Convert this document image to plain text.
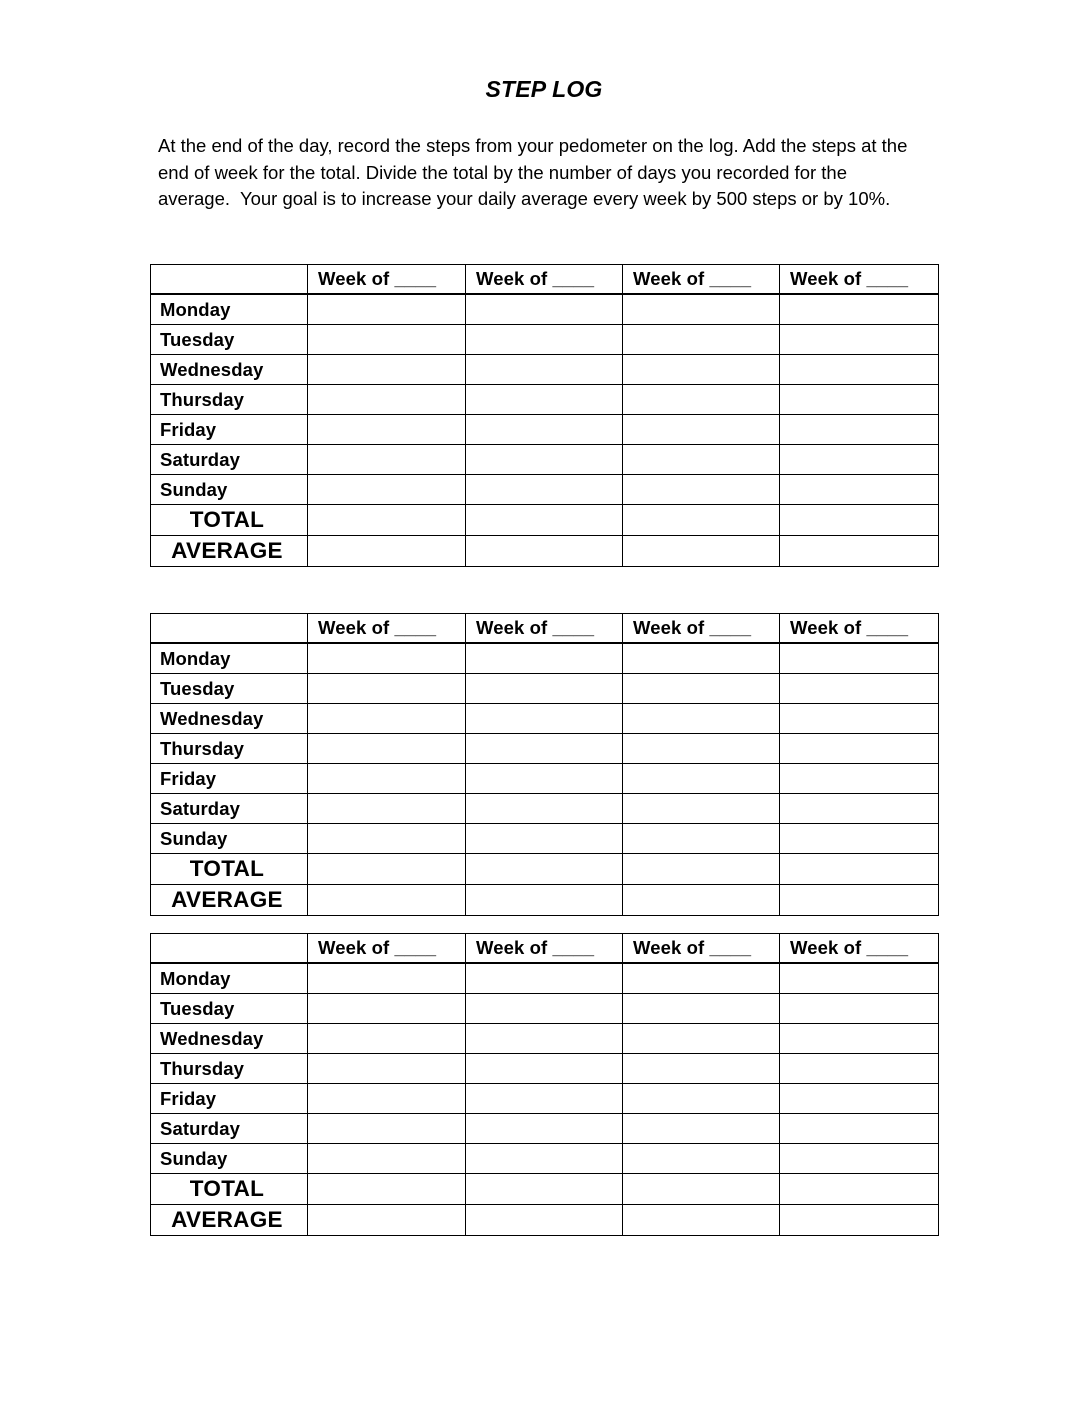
STEP LOG
At the end of the day, record the steps from your pedometer on the log. Add the steps at the end of week for the total. Divide the total by the number of days you recorded for the average.  Your goal is to increase your daily average every week by 500 steps or by 10%.
	Week of ____	Week of ____	Week of ____	Week of ____
Monday				
Tuesday				
Wednesday				
Thursday				
Friday				
Saturday				
Sunday				
TOTAL				
AVERAGE				
	Week of ____	Week of ____	Week of ____	Week of ____
Monday				
Tuesday				
Wednesday				
Thursday				
Friday				
Saturday				
Sunday				
TOTAL				
AVERAGE				
	Week of ____	Week of ____	Week of ____	Week of ____
Monday				
Tuesday				
Wednesday				
Thursday				
Friday				
Saturday				
Sunday				
TOTAL				
AVERAGE				
